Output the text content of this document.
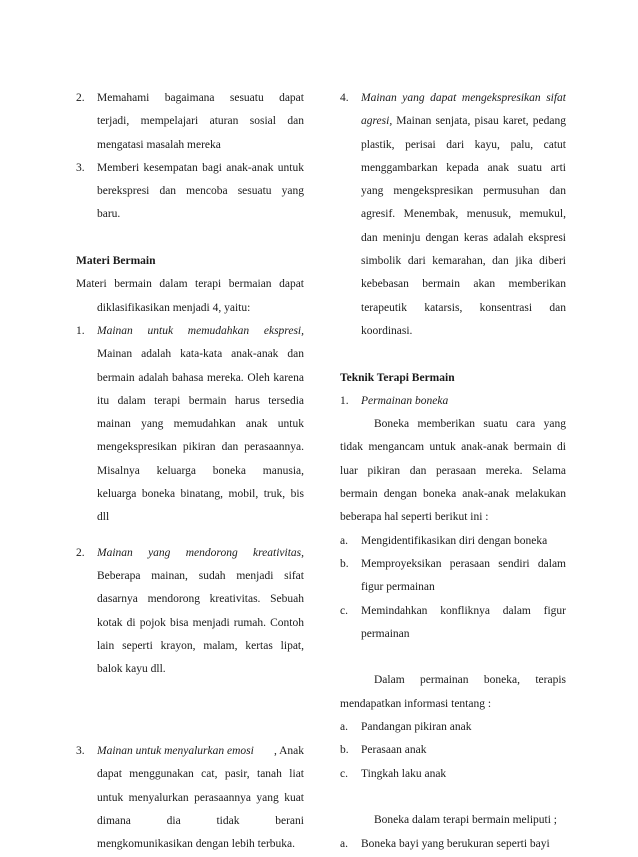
2.	Memahami bagaimana sesuatu dapat
terjadi, mempelajari aturan sosial dan
mengatasi masalah mereka
3.	Memberi kesempatan bagi anak-anak untuk
berekspresi dan mencoba sesuatu yang
baru.
Materi Bermain
Materi bermain dalam terapi bermaian dapat
diklasifikasikan menjadi 4, yaitu:
1.	Mainan untuk memudahkan ekspresi,
Mainan adalah kata-kata anak-anak dan
bermain adalah bahasa mereka. Oleh karena
itu dalam terapi bermain harus tersedia
mainan yang memudahkan anak untuk
mengekspresikan pikiran dan perasaannya.
Misalnya keluarga boneka manusia,
keluarga boneka binatang, mobil, truk, bis
dll
2.	Mainan yang mendorong kreativitas,
Beberapa mainan, sudah menjadi sifat
dasarnya mendorong kreativitas. Sebuah
kotak di pojok bisa menjadi rumah. Contoh
lain seperti krayon, malam, kertas lipat,
balok kayu dll.
3.	Mainan untuk menyalurkan emosi , Anak
dapat menggunakan cat, pasir, tanah liat
untuk menyalurkan perasaannya yang kuat
dimana dia tidak berani
mengkomunikasikan dengan lebih terbuka.
4.	Mainan yang dapat mengekspresikan sifat
agresi, Mainan senjata, pisau karet, pedang
plastik, perisai dari kayu, palu, catut
menggambarkan kepada anak suatu arti
yang mengekspresikan permusuhan dan
agresif. Menembak, menusuk, memukul,
dan meninju dengan keras adalah ekspresi
simbolik dari kemarahan, dan jika diberi
kebebasan bermain akan memberikan
terapeutik katarsis, konsentrasi dan
koordinasi.
Teknik Terapi Bermain
1.	Permainan boneka
Boneka memberikan suatu cara yang
tidak mengancam untuk anak-anak bermain di
luar pikiran dan perasaan mereka. Selama
bermain dengan boneka anak-anak melakukan
beberapa hal seperti berikut ini :
a.	Mengidentifikasikan diri dengan boneka
b.	Memproyeksikan perasaan sendiri dalam
figur permainan
c.	Memindahkan konfliknya dalam figur
permainan
Dalam permainan boneka, terapis
mendapatkan informasi tentang :
a.	Pandangan pikiran anak
b.	Perasaan anak
c.	Tingkah laku anak
Boneka dalam terapi bermain meliputi ;
a.	Boneka bayi yang berukuran seperti bayi
